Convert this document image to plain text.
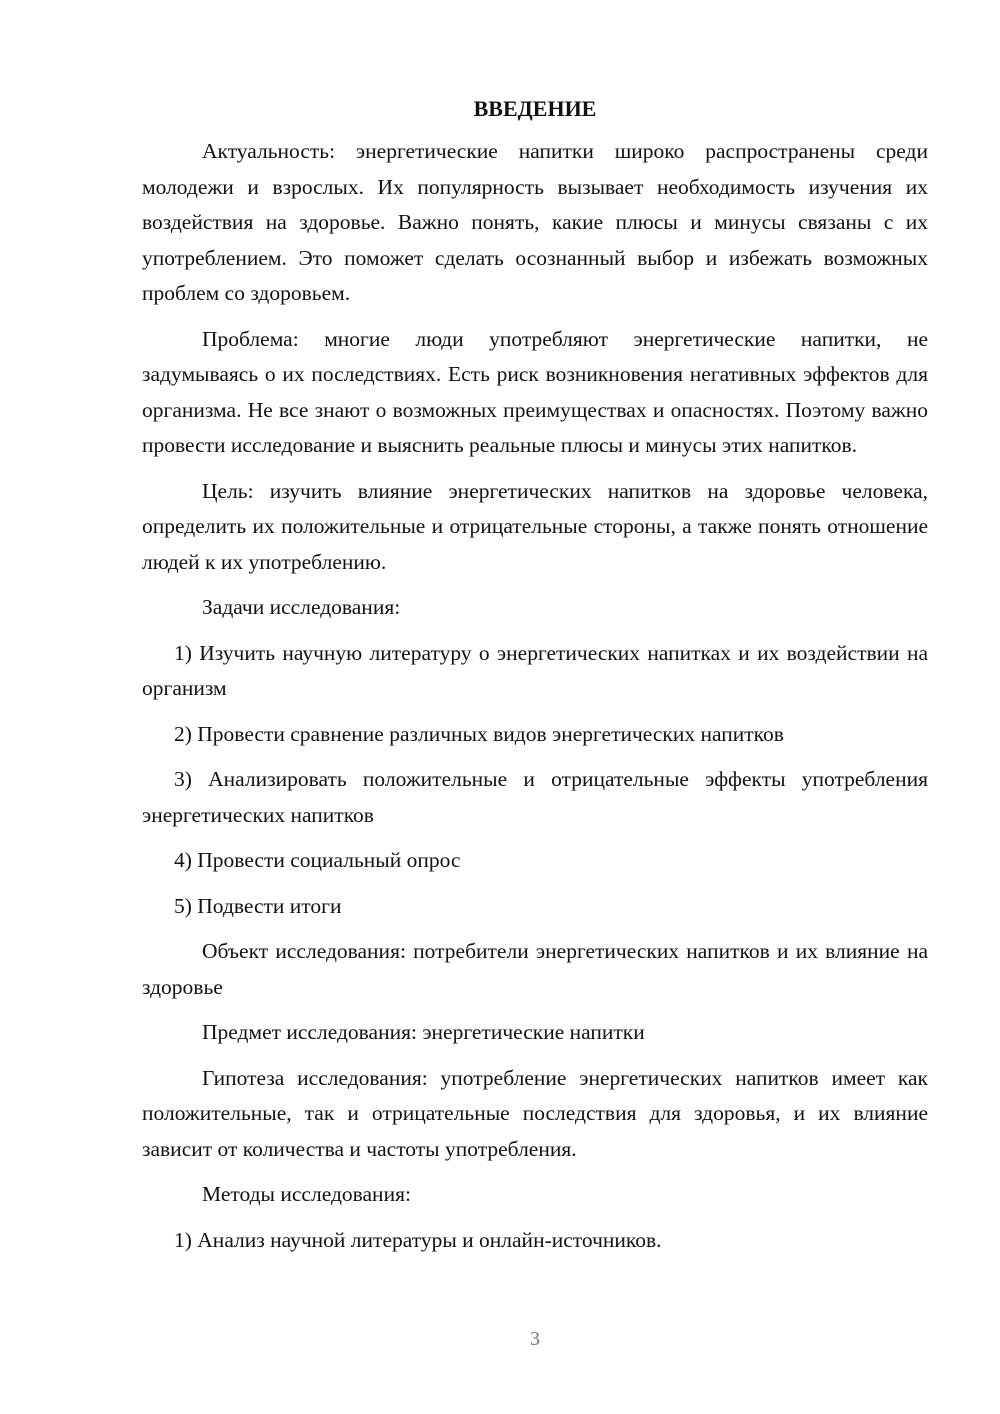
ВВЕДЕНИЕ

Актуальность: энергетические напитки широко распространены среди молодежи и взрослых. Их популярность вызывает необходимость изучения их воздействия на здоровье. Важно понять, какие плюсы и минусы связаны с их употреблением. Это поможет сделать осознанный выбор и избежать возможных проблем со здоровьем.

Проблема: многие люди употребляют энергетические напитки, не задумываясь о их последствиях. Есть риск возникновения негативных эффектов для организма. Не все знают о возможных преимуществах и опасностях. Поэтому важно провести исследование и выяснить реальные плюсы и минусы этих напитков.

Цель: изучить влияние энергетических напитков на здоровье человека, определить их положительные и отрицательные стороны, а также понять отношение людей к их употреблению.

Задачи исследования:

1) Изучить научную литературу о энергетических напитках и их воздействии на организм

2) Провести сравнение различных видов энергетических напитков

3) Анализировать положительные и отрицательные эффекты употребления энергетических напитков

4) Провести социальный опрос

5) Подвести итоги

Объект исследования: потребители энергетических напитков и их влияние на здоровье

Предмет исследования: энергетические напитки

Гипотеза исследования: употребление энергетических напитков имеет как положительные, так и отрицательные последствия для здоровья, и их влияние зависит от количества и частоты употребления.

Методы исследования:

1) Анализ научной литературы и онлайн-источников.

3
